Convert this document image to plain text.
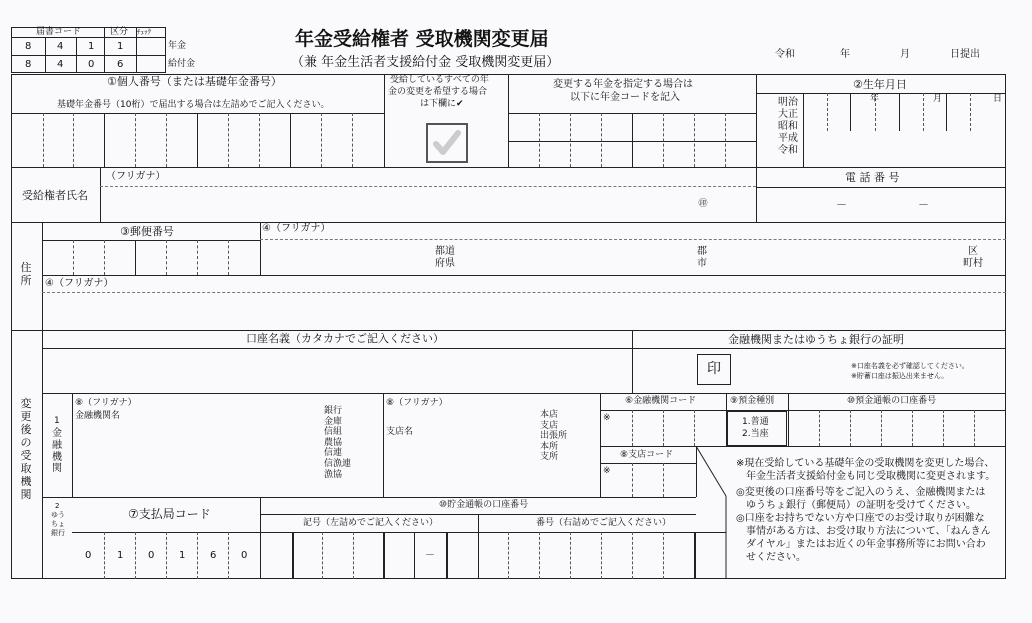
届書コード	区分 ﾁｪｯｸ
8	4 1 1
8	4 0 6
年金
給付金
年金受給権者 受取機関変更届
（兼 年金生活者支援給付金 受取機関変更届）
令和	年	月	日提出
①個人番号（または基礎年金番号）
基礎年金番号（10桁）で届出する場合は左詰めでご記入ください。
受給しているすべての年
金の変更を希望する場合
は下欄に✔
変更する年金を指定する場合は
以下に年金コードを記入
②生年月日
明治
大正
昭和
平成
令和
年	月	日
（フリガナ）
受給権者氏名
㊞
電 話 番 号
－	－
住所
③郵便番号	④（フリガナ）
都道
府県
郡
市
区
町村
④（フリガナ）
変更後の受取機関
口座名義（カタカナでご記入ください）	金融機関またはゆうちょ銀行の証明
印	※口座名義を必ず確認してください。
※貯蓄口座は振込出来ません。
1
金融機関
⑧（フリガナ）
金融機関名	銀行
金庫
信組
農協
信連
信漁連
漁協
⑧（フリガナ）
支店名
本店
支店
出張所
本所
支所
⑥金融機関コード
※
⑧支店コード
※
⑨預金種別
1.普通
2.当座
⑩預金通帳の口座番号
2
ゆうちょ銀行
⑦支払局コード
0	1 0 1 6 0
⑩貯金通帳の口座番号
記号（左詰めでご記入ください）	番号（右詰めでご記入ください）
－
※現在受給している基礎年金の受取機関を変更した場合、
年金生活者支援給付金も同じ受取機関に変更されます。
◎変更後の口座番号等をご記入のうえ、金融機関または
ゆうちょ銀行（郵便局）の証明を受けてください。
◎口座をお持ちでない方や口座でのお受け取りが困難な
事情がある方は、お受け取り方法について、「ねんきん
ダイヤル」またはお近くの年金事務所等にお問い合わ
せください。
